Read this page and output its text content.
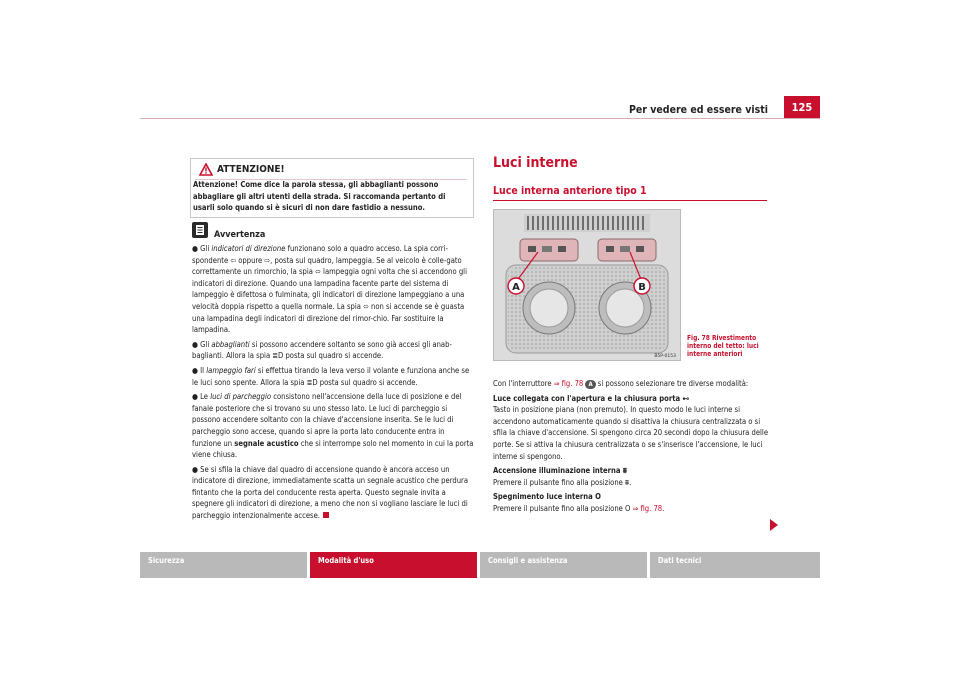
Per vedere ed essere visti	125
ATTENZIONE!
Attenzione! Come dice la parola stessa, gli abbaglianti possono abbagliare gli altri utenti della strada. Si raccomanda pertanto di usarli solo quando si è sicuri di non dare fastidio a nessuno.
Avvertenza

● Gli indicatori di direzione funzionano solo a quadro acceso. La spia corri-spondente ⇦ oppure ⇨, posta sul quadro, lampeggia. Se al veicolo è colle-gato correttamente un rimorchio, la spia ⬄ lampeggia ogni volta che si accendono gli indicatori di direzione. Quando una lampadina facente parte del sistema di lampeggio è difettosa o fulminata, gli indicatori di direzione lampeggiano a una velocità doppia rispetto a quella normale. La spia ⬄ non si accende se è guasta una lampadina degli indicatori di direzione del rimor-chio. Far sostituire la lampadina.

● Gli abbaglianti si possono accendere soltanto se sono già accesi gli anab-baglianti. Allora la spia ≣D posta sul quadro si accende.

● Il lampeggio fari si effettua tirando la leva verso il volante e funziona anche se le luci sono spente. Allora la spia ≣D posta sul quadro si accende.

● Le luci di parcheggio consistono nell'accensione della luce di posizione e del fanale posteriore che si trovano su uno stesso lato. Le luci di parcheggio si possono accendere soltanto con la chiave d'accensione inserita. Se le luci di parcheggio sono accese, quando si apre la porta lato conducente entra in funzione un segnale acustico che si interrompe solo nel momento in cui la porta viene chiusa.

● Se si sfila la chiave dal quadro di accensione quando è ancora acceso un indicatore di direzione, immediatamente scatta un segnale acustico che perdura fintanto che la porta del conducente resta aperta. Questo segnale invita a spegnere gli indicatori di direzione, a meno che non si vogliano lasciare le luci di parcheggio intenzionalmente accese.

Luci interne
Luce interna anteriore tipo 1
A	B
B5P-0153
Fig. 78 Rivestimento interno del tetto: luci interne anteriori

Con l'interruttore ⇒ fig. 78 A si possono selezionare tre diverse modalità:

Luce collegata con l'apertura e la chiusura porta ⊷

Tasto in posizione piana (non premuto). In questo modo le luci interne si accendono automaticamente quando si disattiva la chiusura centralizzata o si sfila la chiave d'accensione. Si spengono circa 20 secondi dopo la chiusura delle porte. Se si attiva la chiusura centralizzata o se s'inserisce l'accensione, le luci interne si spengono.

Accensione illuminazione interna ⩩

Premere il pulsante fino alla posizione ⩩.

Spegnimento luce interna O

Premere il pulsante fino alla posizione O ⇒ fig. 78.

Sicurezza	Modalità d'uso	Consigli e assistenza	Dati tecnici
